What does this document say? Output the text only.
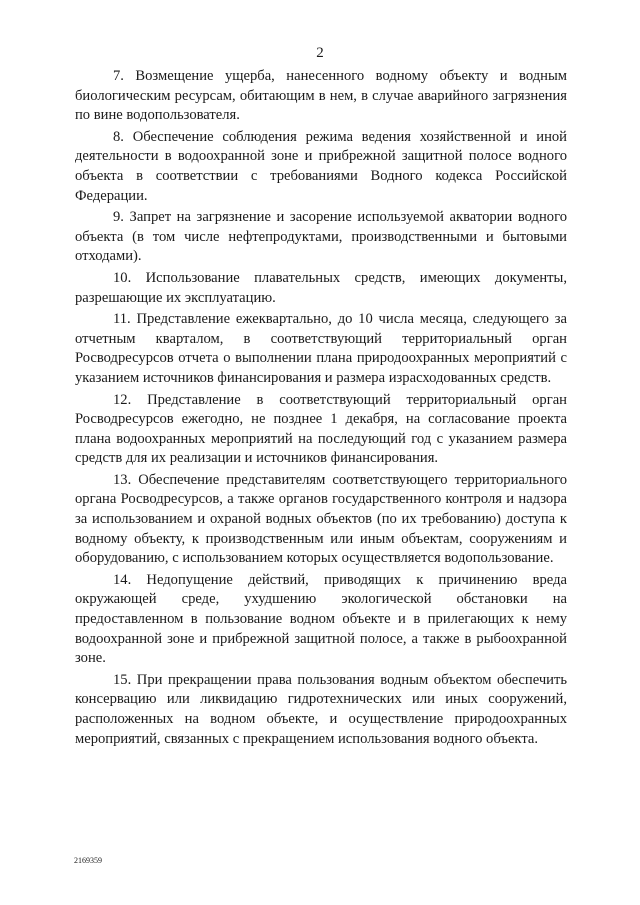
2

7. Возмещение ущерба, нанесенного водному объекту и водным биологическим ресурсам, обитающим в нем, в случае аварийного загрязнения по вине водопользователя.

8. Обеспечение соблюдения режима ведения хозяйственной и иной деятельности в водоохранной зоне и прибрежной защитной полосе водного объекта в соответствии с требованиями Водного кодекса Российской Федерации.

9. Запрет на загрязнение и засорение используемой акватории водного объекта (в том числе нефтепродуктами, производственными и бытовыми отходами).

10. Использование плавательных средств, имеющих документы, разрешающие их эксплуатацию.

11. Представление ежеквартально, до 10 числа месяца, следующего за отчетным кварталом, в соответствующий территориальный орган Росводресурсов отчета о выполнении плана природоохранных мероприятий с указанием источников финансирования и размера израсходованных средств.

12. Представление в соответствующий территориальный орган Росводресурсов ежегодно, не позднее 1 декабря, на согласование проекта плана водоохранных мероприятий на последующий год с указанием размера средств для их реализации и источников финансирования.

13. Обеспечение представителям соответствующего территориального органа Росводресурсов, а также органов государственного контроля и надзора за использованием и охраной водных объектов (по их требованию) доступа к водному объекту, к производственным или иным объектам, сооружениям и оборудованию, с использованием которых осуществляется водопользование.

14. Недопущение действий, приводящих к причинению вреда окружающей среде, ухудшению экологической обстановки на предоставленном в пользование водном объекте и в прилегающих к нему водоохранной зоне и прибрежной защитной полосе, а также в рыбоохранной зоне.

15. При прекращении права пользования водным объектом обеспечить консервацию или ликвидацию гидротехнических или иных сооружений, расположенных на водном объекте, и осуществление природоохранных мероприятий, связанных с прекращением использования водного объекта.

2169359
